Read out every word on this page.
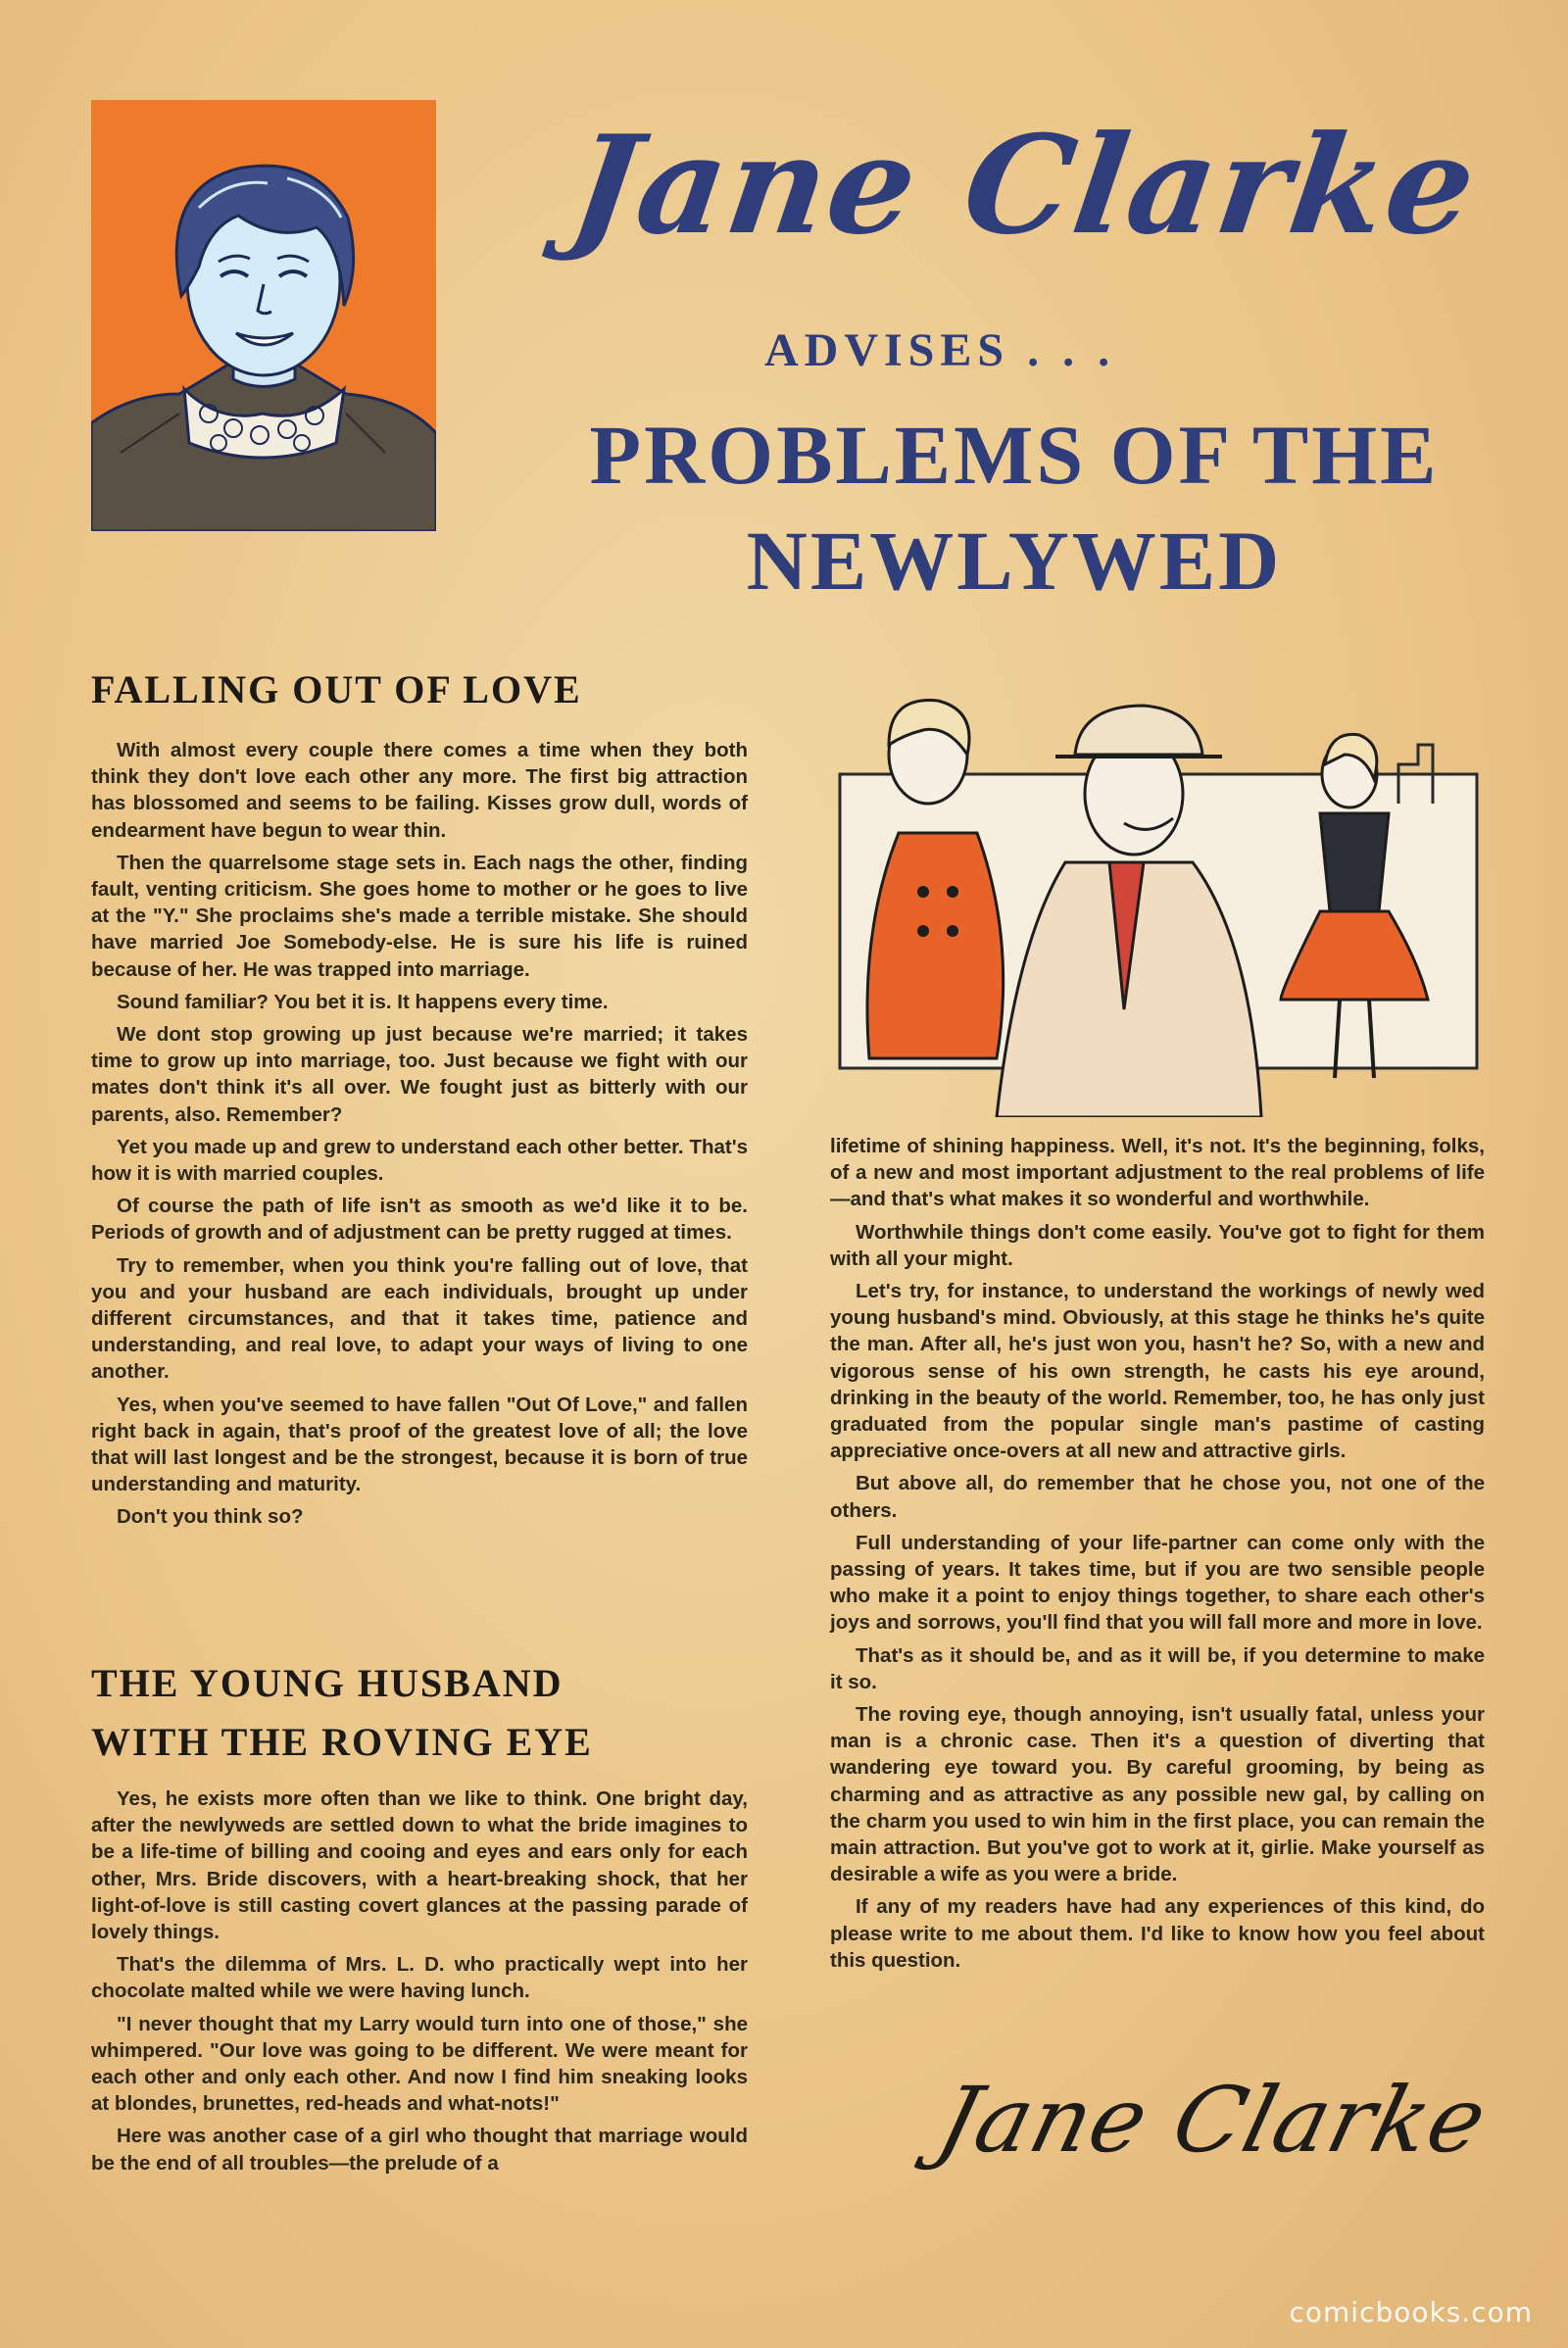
Jane Clarke
ADVISES . . .
PROBLEMS OF THE
NEWLYWED
FALLING OUT OF LOVE

With almost every couple there comes a time when they both think they don't love each other any more. The first big attraction has blossomed and seems to be failing. Kisses grow dull, words of endearment have begun to wear thin.

Then the quarrelsome stage sets in. Each nags the other, finding fault, venting criticism. She goes home to mother or he goes to live at the "Y." She proclaims she's made a terrible mistake. She should have married Joe Somebody-else. He is sure his life is ruined because of her. He was trapped into marriage.

Sound familiar? You bet it is. It happens every time.

We dont stop growing up just because we're married; it takes time to grow up into marriage, too. Just because we fight with our mates don't think it's all over. We fought just as bitterly with our parents, also. Remember?

Yet you made up and grew to understand each other better. That's how it is with married couples.

Of course the path of life isn't as smooth as we'd like it to be. Periods of growth and of adjustment can be pretty rugged at times.

Try to remember, when you think you're falling out of love, that you and your husband are each individuals, brought up under different circumstances, and that it takes time, patience and understanding, and real love, to adapt your ways of living to one another.

Yes, when you've seemed to have fallen "Out Of Love," and fallen right back in again, that's proof of the greatest love of all; the love that will last longest and be the strongest, because it is born of true understanding and maturity.

Don't you think so?

THE YOUNG HUSBAND
WITH THE ROVING EYE

Yes, he exists more often than we like to think. One bright day, after the newlyweds are settled down to what the bride imagines to be a life-time of billing and cooing and eyes and ears only for each other, Mrs. Bride discovers, with a heart-breaking shock, that her light-of-love is still casting covert glances at the passing parade of lovely things.

That's the dilemma of Mrs. L. D. who practically wept into her chocolate malted while we were having lunch.

"I never thought that my Larry would turn into one of those," she whimpered. "Our love was going to be different. We were meant for each other and only each other. And now I find him sneaking looks at blondes, brunettes, red-heads and what-nots!"

Here was another case of a girl who thought that marriage would be the end of all troubles—the prelude of a

lifetime of shining happiness. Well, it's not. It's the beginning, folks, of a new and most important adjustment to the real problems of life—and that's what makes it so wonderful and worthwhile.

Worthwhile things don't come easily. You've got to fight for them with all your might.

Let's try, for instance, to understand the workings of newly wed young husband's mind. Obviously, at this stage he thinks he's quite the man. After all, he's just won you, hasn't he? So, with a new and vigorous sense of his own strength, he casts his eye around, drinking in the beauty of the world. Remember, too, he has only just graduated from the popular single man's pastime of casting appreciative once-overs at all new and attractive girls.

But above all, do remember that he chose you, not one of the others.

Full understanding of your life-partner can come only with the passing of years. It takes time, but if you are two sensible people who make it a point to enjoy things together, to share each other's joys and sorrows, you'll find that you will fall more and more in love.

That's as it should be, and as it will be, if you determine to make it so.

The roving eye, though annoying, isn't usually fatal, unless your man is a chronic case. Then it's a question of diverting that wandering eye toward you. By careful grooming, by being as charming and as attractive as any possible new gal, by calling on the charm you used to win him in the first place, you can remain the main attraction. But you've got to work at it, girlie. Make yourself as desirable a wife as you were a bride.

If any of my readers have had any experiences of this kind, do please write to me about them. I'd like to know how you feel about this question.

Jane Clarke
comicbooks.com
